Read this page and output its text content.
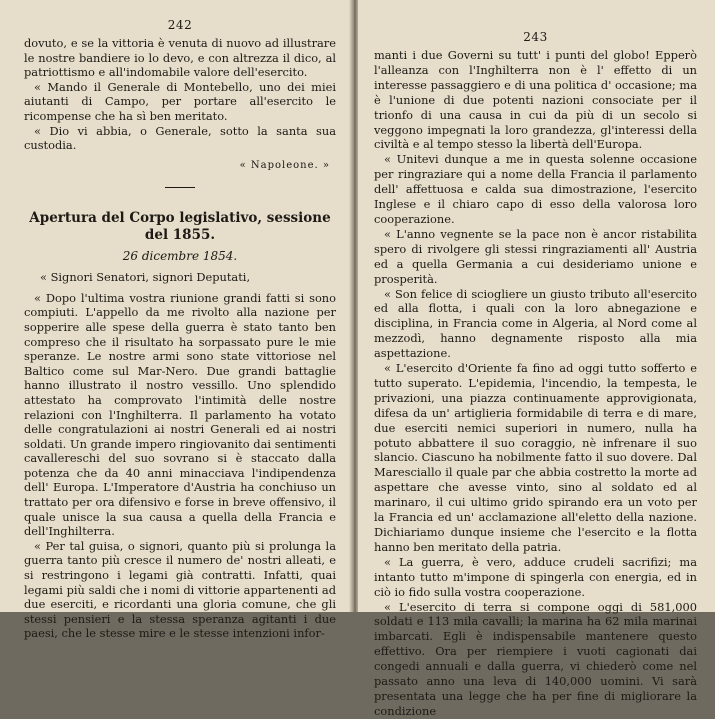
242

dovuto, e se la vittoria è venuta di nuovo ad illustrare le nostre bandiere io lo devo, e con altrezza il dico, al patriottismo e all'indomabile valore dell'esercito.

« Mando il Generale di Montebello, uno dei miei aiutanti di Campo, per portare all'esercito le ricompense che ha sì ben meritato.

« Dio vi abbia, o Generale, sotto la santa sua custodia.

« Napoleone. »
Apertura del Corpo legislativo, sessione del 1855.
26 dicembre 1854.
« Signori Senatori, signori Deputati,

« Dopo l'ultima vostra riunione grandi fatti si sono compiuti. L'appello da me rivolto alla nazione per sopperire alle spese della guerra è stato tanto ben compreso che il risultato ha sorpassato pure le mie speranze. Le nostre armi sono state vittoriose nel Baltico come sul Mar-Nero. Due grandi battaglie hanno illustrato il nostro vessillo. Uno splendido attestato ha comprovato l'intimità delle nostre relazioni con l'Inghilterra. Il parlamento ha votato delle congratulazioni ai nostri Generali ed ai nostri soldati. Un grande impero ringiovanito dai sentimenti cavallereschi del suo sovrano si è staccato dalla potenza che da 40 anni minacciava l'indipendenza dell' Europa. L'Imperatore d'Austria ha conchiuso un trattato per ora difensivo e forse in breve offensivo, il quale unisce la sua causa a quella della Francia e dell'Inghilterra.

« Per tal guisa, o signori, quanto più si prolunga la guerra tanto più cresce il numero de' nostri alleati, e si restringono i legami già contratti. Infatti, quai legami più saldi che i nomi di vittorie appartenenti ad due eserciti, e ricordanti una gloria comune, che gli stessi pensieri e la stessa speranza agitanti i due paesi, che le stesse mire e le stesse intenzioni infor-

243

manti i due Governi su tutt' i punti del globo! Epperò l'alleanza con l'Inghilterra non è l' effetto di un interesse passaggiero e di una politica d' occasione; ma è l'unione di due potenti nazioni consociate per il trionfo di una causa in cui da più di un secolo si veggono impegnati la loro grandezza, gl'interessi della civiltà e al tempo stesso la libertà dell'Europa.

« Unitevi dunque a me in questa solenne occasione per ringraziare qui a nome della Francia il parlamento dell' affettuosa e calda sua dimostrazione, l'esercito Inglese e il chiaro capo di esso della valorosa loro cooperazione.

« L'anno vegnente se la pace non è ancor ristabilita spero di rivolgere gli stessi ringraziamenti all' Austria ed a quella Germania a cui desideriamo unione e prosperità.

« Son felice di sciogliere un giusto tributo all'esercito ed alla flotta, i quali con la loro abnegazione e disciplina, in Francia come in Algeria, al Nord come al mezzodì, hanno degnamente risposto alla mia aspettazione.

« L'esercito d'Oriente fa fino ad oggi tutto sofferto e tutto superato. L'epidemia, l'incendio, la tempesta, le privazioni, una piazza continuamente approvigionata, difesa da un' artiglieria formidabile di terra e di mare, due eserciti nemici superiori in numero, nulla ha potuto abbattere il suo coraggio, nè infrenare il suo slancio. Ciascuno ha nobilmente fatto il suo dovere. Dal Maresciallo il quale par che abbia costretto la morte ad aspettare che avesse vinto, sino al soldato ed al marinaro, il cui ultimo grido spirando era un voto per la Francia ed un' acclamazione all'eletto della nazione. Dichiariamo dunque insieme che l'esercito e la flotta hanno ben meritato della patria.

« La guerra, è vero, adduce crudeli sacrifizi; ma intanto tutto m'impone di spingerla con energia, ed in ciò io fido sulla vostra cooperazione.

« L'esercito di terra si compone oggi di 581,000 soldati e 113 mila cavalli; la marina ha 62 mila marinai imbarcati. Egli è indispensabile mantenere questo effettivo. Ora per riempiere i vuoti cagionati dai congedi annuali e dalla guerra, vi chiederò come nel passato anno una leva di 140,000 uomini. Vi sarà presentata una legge che ha per fine di migliorare la condizione
